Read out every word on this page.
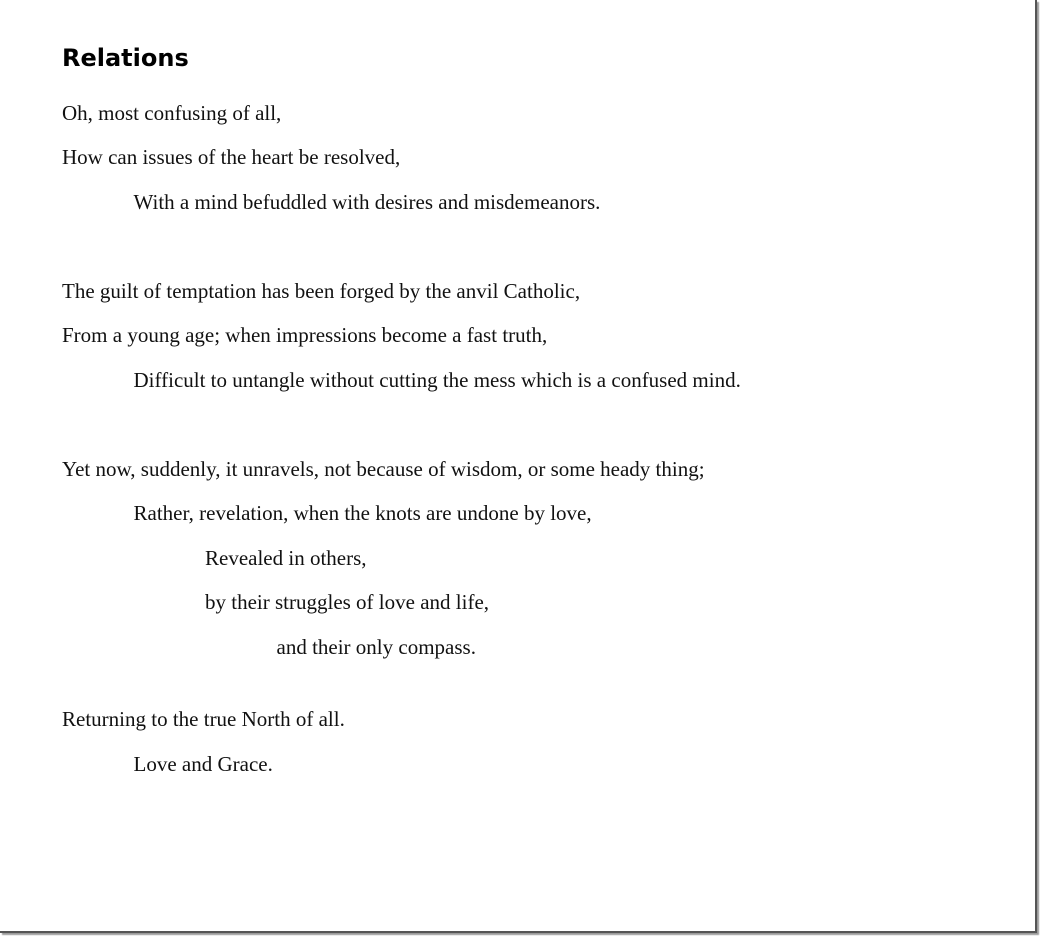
Relations
Oh, most confusing of all,
How can issues of the heart be resolved,
With a mind befuddled with desires and misdemeanors.
The guilt of temptation has been forged by the anvil Catholic,
From a young age; when impressions become a fast truth,
Difficult to untangle without cutting the mess which is a confused mind.
Yet now, suddenly, it unravels, not because of wisdom, or some heady thing;
Rather, revelation, when the knots are undone by love,
Revealed in others,
by their struggles of love and life,
and their only compass.
Returning to the true North of all.
Love and Grace.
